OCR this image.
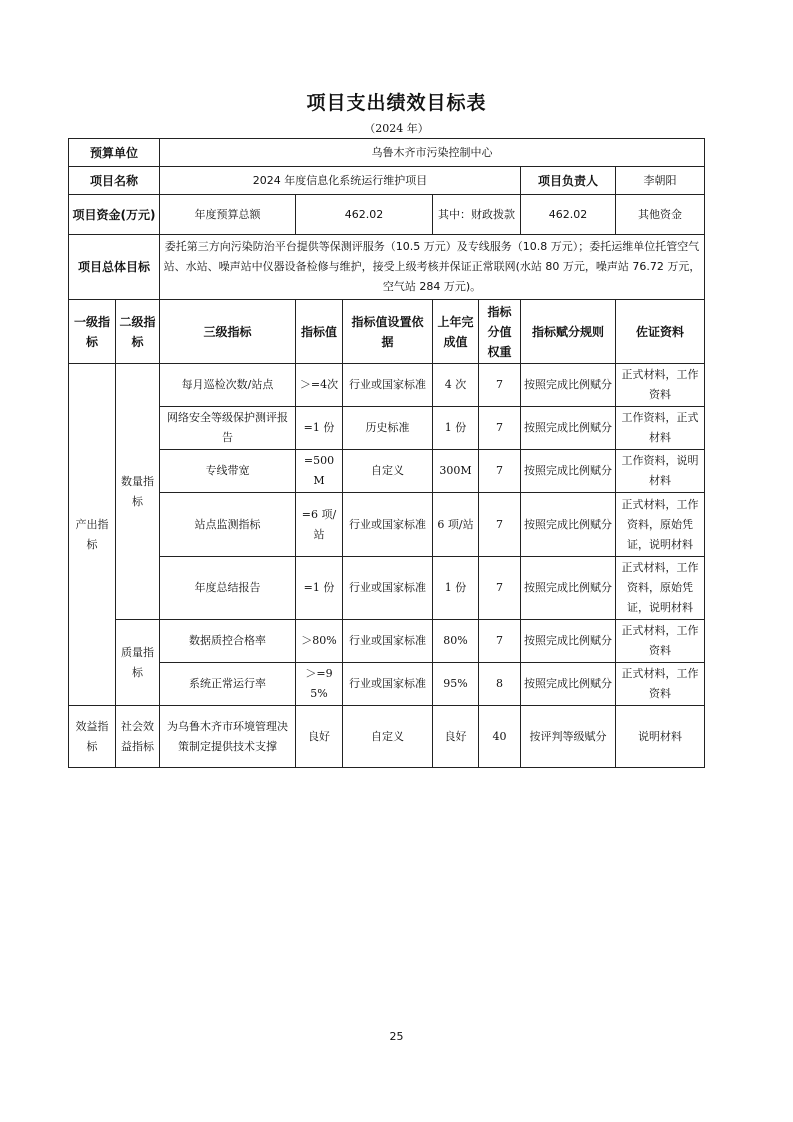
项目支出绩效目标表
（2024 年）
预算单位		乌鲁木齐市污染控制中心						
项目名称		2024 年度信息化系统运行维护项目					项目负责人	李朝阳
项目资金(万元)		年度预算总额	462.02		其中：财政拨款		462.02	其他资金

项目总体目标		委托第三方向污染防治平台提供等保测评服务（10.5 万元）及专线服务（10.8 万元）；委托运维单位托管空气站、水站、噪声站中仪器设备检修与维护，接受上级考核并保证正常联网(水站 80 万元，噪声站 76.72 万元，空气站 284 万元)。						
一级指标	二级指标	三级指标	指标值	指标值设置依据	上年完成值	指标分值权重	指标赋分规则	佐证资料
产出指标	数量指标	每月巡检次数/站点	＞=4次	行业或国家标准	4 次	7	按照完成比例赋分	正式材料，工作资料
		网络安全等级保护测评报告	=1 份	历史标准	1 份	7	按照完成比例赋分	工作资料，正式材料
		专线带宽	=500M	自定义	300M	7	按照完成比例赋分	工作资料，说明材料
		站点监测指标	=6 项/站	行业或国家标准	6 项/站	7	按照完成比例赋分	正式材料，工作资料，原始凭证，说明材料
		年度总结报告	=1 份	行业或国家标准	1 份	7	按照完成比例赋分	正式材料，工作资料，原始凭证，说明材料
	质量指标	数据质控合格率	＞80%	行业或国家标准	80%	7	按照完成比例赋分	正式材料，工作资料
		系统正常运行率	＞=95%	行业或国家标准	95%	8	按照完成比例赋分	正式材料，工作资料
效益指标	社会效益指标	为乌鲁木齐市环境管理决策制定提供技术支撑	良好	自定义	良好	40	按评判等级赋分	说明材料
25
